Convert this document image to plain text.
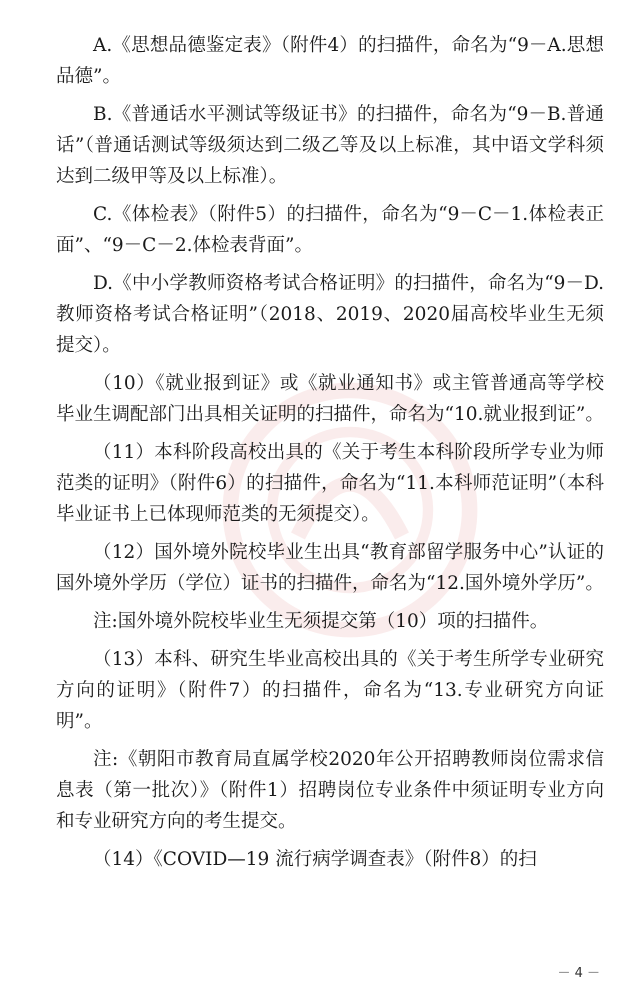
A.《思想品德鉴定表》（附件4）的扫描件，命名为“9－A.思想品德”。

B.《普通话水平测试等级证书》的扫描件，命名为“9－B.普通话”（普通话测试等级须达到二级乙等及以上标准，其中语文学科须达到二级甲等及以上标准）。

C.《体检表》（附件5）的扫描件，命名为“9－C－1.体检表正面”、“9－C－2.体检表背面”。

D.《中小学教师资格考试合格证明》的扫描件，命名为“9－D.教师资格考试合格证明”（2018、2019、2020届高校毕业生无须提交）。

（10）《就业报到证》或《就业通知书》或主管普通高等学校毕业生调配部门出具相关证明的扫描件，命名为“10.就业报到证”。

（11）本科阶段高校出具的《关于考生本科阶段所学专业为师范类的证明》（附件6）的扫描件，命名为“11.本科师范证明”（本科毕业证书上已体现师范类的无须提交）。

（12）国外境外院校毕业生出具“教育部留学服务中心”认证的国外境外学历（学位）证书的扫描件，命名为“12.国外境外学历”。

注:国外境外院校毕业生无须提交第（10）项的扫描件。

（13）本科、研究生毕业高校出具的《关于考生所学专业研究方向的证明》（附件7）的扫描件，命名为“13.专业研究方向证明”。

注:《朝阳市教育局直属学校2020年公开招聘教师岗位需求信息表（第一批次）》（附件1）招聘岗位专业条件中须证明专业方向和专业研究方向的考生提交。

（14）《COVID—19 流行病学调查表》（附件8）的扫

－ 4 －
